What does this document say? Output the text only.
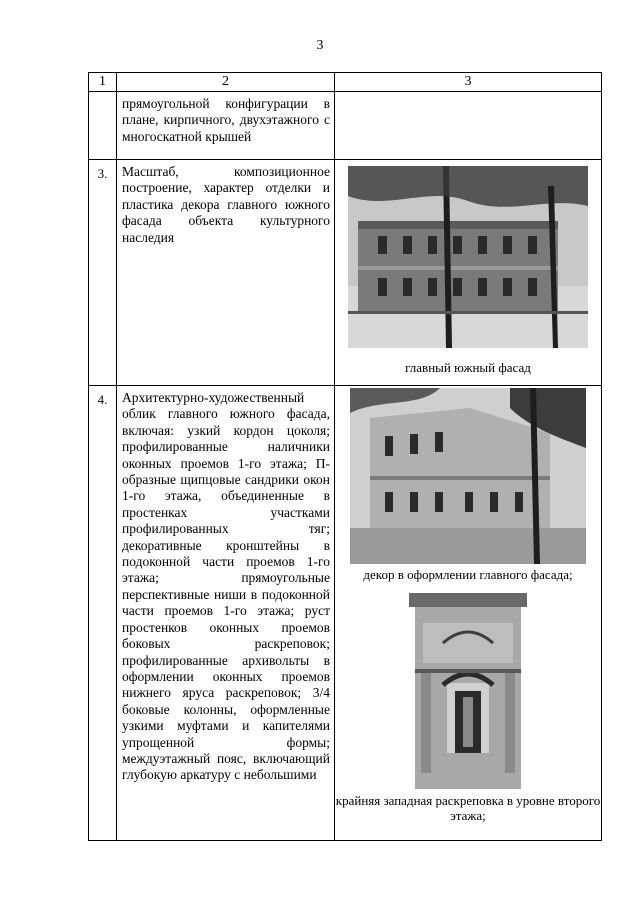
3
1	2	3
	прямоугольной конфигурации в плане, кирпичного, двухэтажного с многоскатной крышей	
3.	Масштаб, композиционное построение, характер отделки и пластика декора главного южного фасада объекта культурного наследия	главный южный фасад

4.	Архитектурно-художественный облик главного южного фасада, включая: узкий кордон цоколя; профилированные наличники оконных проемов 1-го этажа; П-образные щипцовые сандрики окон 1-го этажа, объединенные в простенках участками профилированных тяг; декоративные кронштейны в подоконной части проемов 1-го этажа; прямоугольные перспективные ниши в подоконной части проемов 1-го этажа; руст простенков оконных проемов боковых раскреповок; профилированные архивольты в оформлении оконных проемов нижнего яруса раскреповок; 3/4 боковые колонны, оформленные узкими муфтами и капителями упрощенной формы; междуэтажный пояс, включающий глубокую аркатуру с небольшими	декор в оформлении главного фасада;
крайняя западная раскреповка в уровне второго этажа;
